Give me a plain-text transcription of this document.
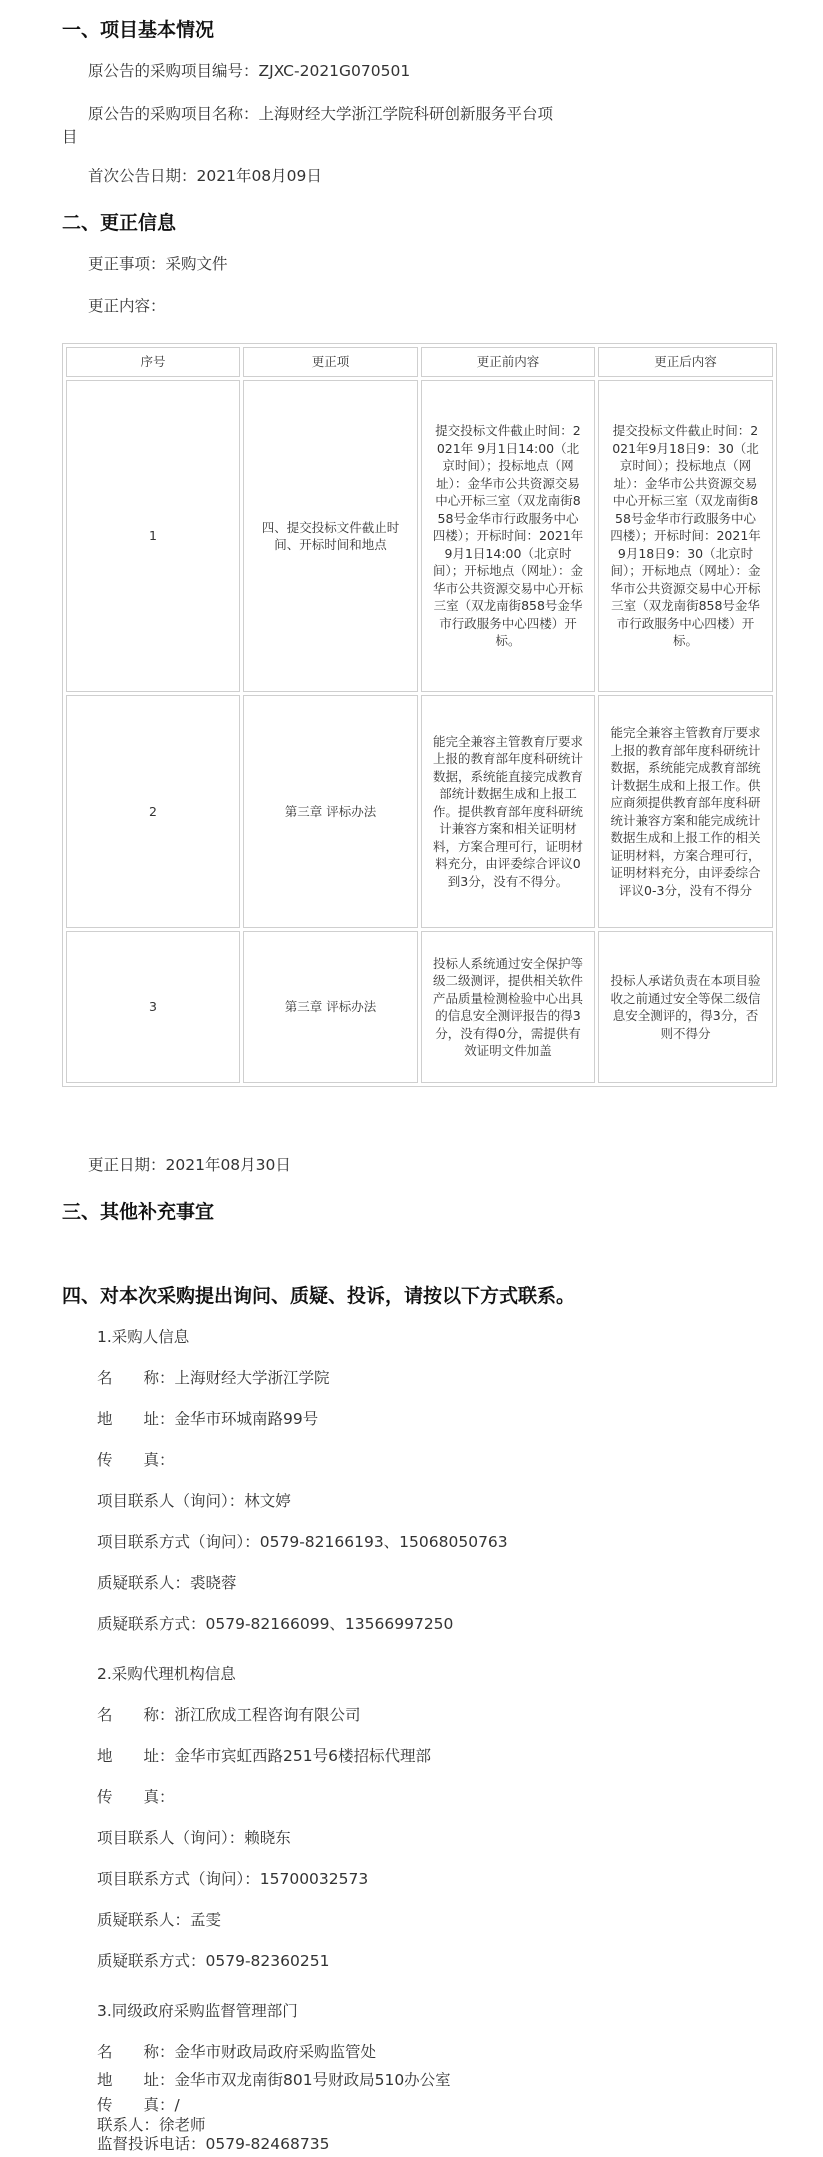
一、项目基本情况
原公告的采购项目编号：ZJXC-2021G070501
原公告的采购项目名称：上海财经大学浙江学院科研创新服务平台项
目
首次公告日期：2021年08月09日
二、更正信息
更正事项：采购文件
更正内容：
序号	更正项	更正前内容	更正后内容
1	四、提交投标文件截止时间、开标时间和地点	提交投标文件截止时间：2021年 9月1日14:00（北京时间）；投标地点（网址）：金华市公共资源交易中心开标三室（双龙南街858号金华市行政服务中心四楼）；开标时间：2021年9月1日14:00（北京时间）；开标地点（网址）：金华市公共资源交易中心开标三室（双龙南街858号金华市行政服务中心四楼）开标。	提交投标文件截止时间：2021年9月18日9：30（北京时间）；投标地点（网址）：金华市公共资源交易中心开标三室（双龙南街858号金华市行政服务中心四楼）；开标时间：2021年9月18日9：30（北京时间）；开标地点（网址）：金华市公共资源交易中心开标三室（双龙南街858号金华市行政服务中心四楼）开标。
2	第三章 评标办法	能完全兼容主管教育厅要求上报的教育部年度科研统计数据，系统能直接完成教育部统计数据生成和上报工作。提供教育部年度科研统计兼容方案和相关证明材料，方案合理可行，证明材料充分，由评委综合评议0到3分，没有不得分。	能完全兼容主管教育厅要求上报的教育部年度科研统计数据，系统能完成教育部统计数据生成和上报工作。供应商须提供教育部年度科研统计兼容方案和能完成统计数据生成和上报工作的相关证明材料，方案合理可行，证明材料充分，由评委综合评议0-3分，没有不得分
3	第三章 评标办法	投标人系统通过安全保护等级二级测评，提供相关软件产品质量检测检验中心出具的信息安全测评报告的得3分，没有得0分，需提供有效证明文件加盖	投标人承诺负责在本项目验收之前通过安全等保二级信息安全测评的，得3分，否则不得分
更正日期：2021年08月30日
三、其他补充事宜
四、对本次采购提出询问、质疑、投诉，请按以下方式联系。
1.采购人信息
名　　称：上海财经大学浙江学院
地　　址：金华市环城南路99号
传　　真：
项目联系人（询问）：林文婷
项目联系方式（询问）：0579-82166193、15068050763
质疑联系人：裘晓蓉
质疑联系方式：0579-82166099、13566997250
2.采购代理机构信息
名　　称：浙江欣成工程咨询有限公司
地　　址：金华市宾虹西路251号6楼招标代理部
传　　真：
项目联系人（询问）：赖晓东
项目联系方式（询问）：15700032573
质疑联系人：孟雯
质疑联系方式：0579-82360251
3.同级政府采购监督管理部门
名　　称：金华市财政局政府采购监管处
地　　址：金华市双龙南街801号财政局510办公室
传　　真：/
联系人：徐老师
监督投诉电话：0579-82468735
